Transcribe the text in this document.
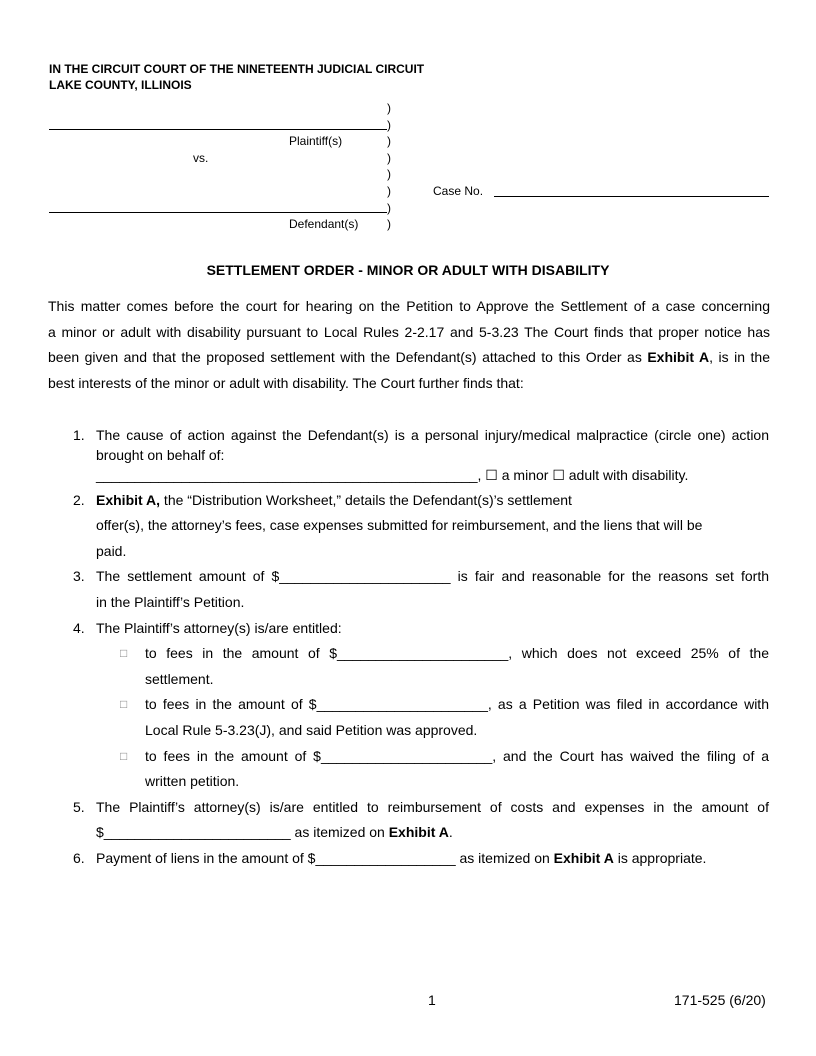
IN THE CIRCUIT COURT OF THE NINETEENTH JUDICIAL CIRCUIT
LAKE COUNTY, ILLINOIS
)
)
Plaintiff(s)	)
vs.	)
)
)	Case No.
)
Defendant(s) )
SETTLEMENT ORDER - MINOR OR ADULT WITH DISABILITY
This matter comes before the court for hearing on the Petition to Approve the Settlement of a case concerning
a minor or adult with disability pursuant to Local Rules 2-2.17 and 5-3.23 The Court finds that proper notice has
been given and that the proposed settlement with the Defendant(s) attached to this Order as Exhibit A, is in the
best interests of the minor or adult with disability. The Court further finds that:
1. The cause of action against the Defendant(s) is a personal injury/medical malpractice (circle one) action
brought on behalf of:
_________________________________________________, ☐ a minor ☐ adult with disability.
2. Exhibit A, the “Distribution Worksheet,” details the Defendant(s)’s settlement
offer(s), the attorney’s fees, case expenses submitted for reimbursement, and the liens that will be
paid.
3. The settlement amount of $______________________ is fair and reasonable for the reasons set forth
in the Plaintiff’s Petition.
4. The Plaintiff’s attorney(s) is/are entitled:
□ to fees in the amount of $______________________, which does not exceed 25% of the
settlement.
□ to fees in the amount of $______________________, as a Petition was filed in accordance with
Local Rule 5-3.23(J), and said Petition was approved.
□ to fees in the amount of $______________________, and the Court has waived the filing of a
written petition.
5. The Plaintiff’s attorney(s) is/are entitled to reimbursement of costs and expenses in the amount of
$________________________ as itemized on Exhibit A.
6. Payment of liens in the amount of $__________________ as itemized on Exhibit A is appropriate.
1	171-525 (6/20)
